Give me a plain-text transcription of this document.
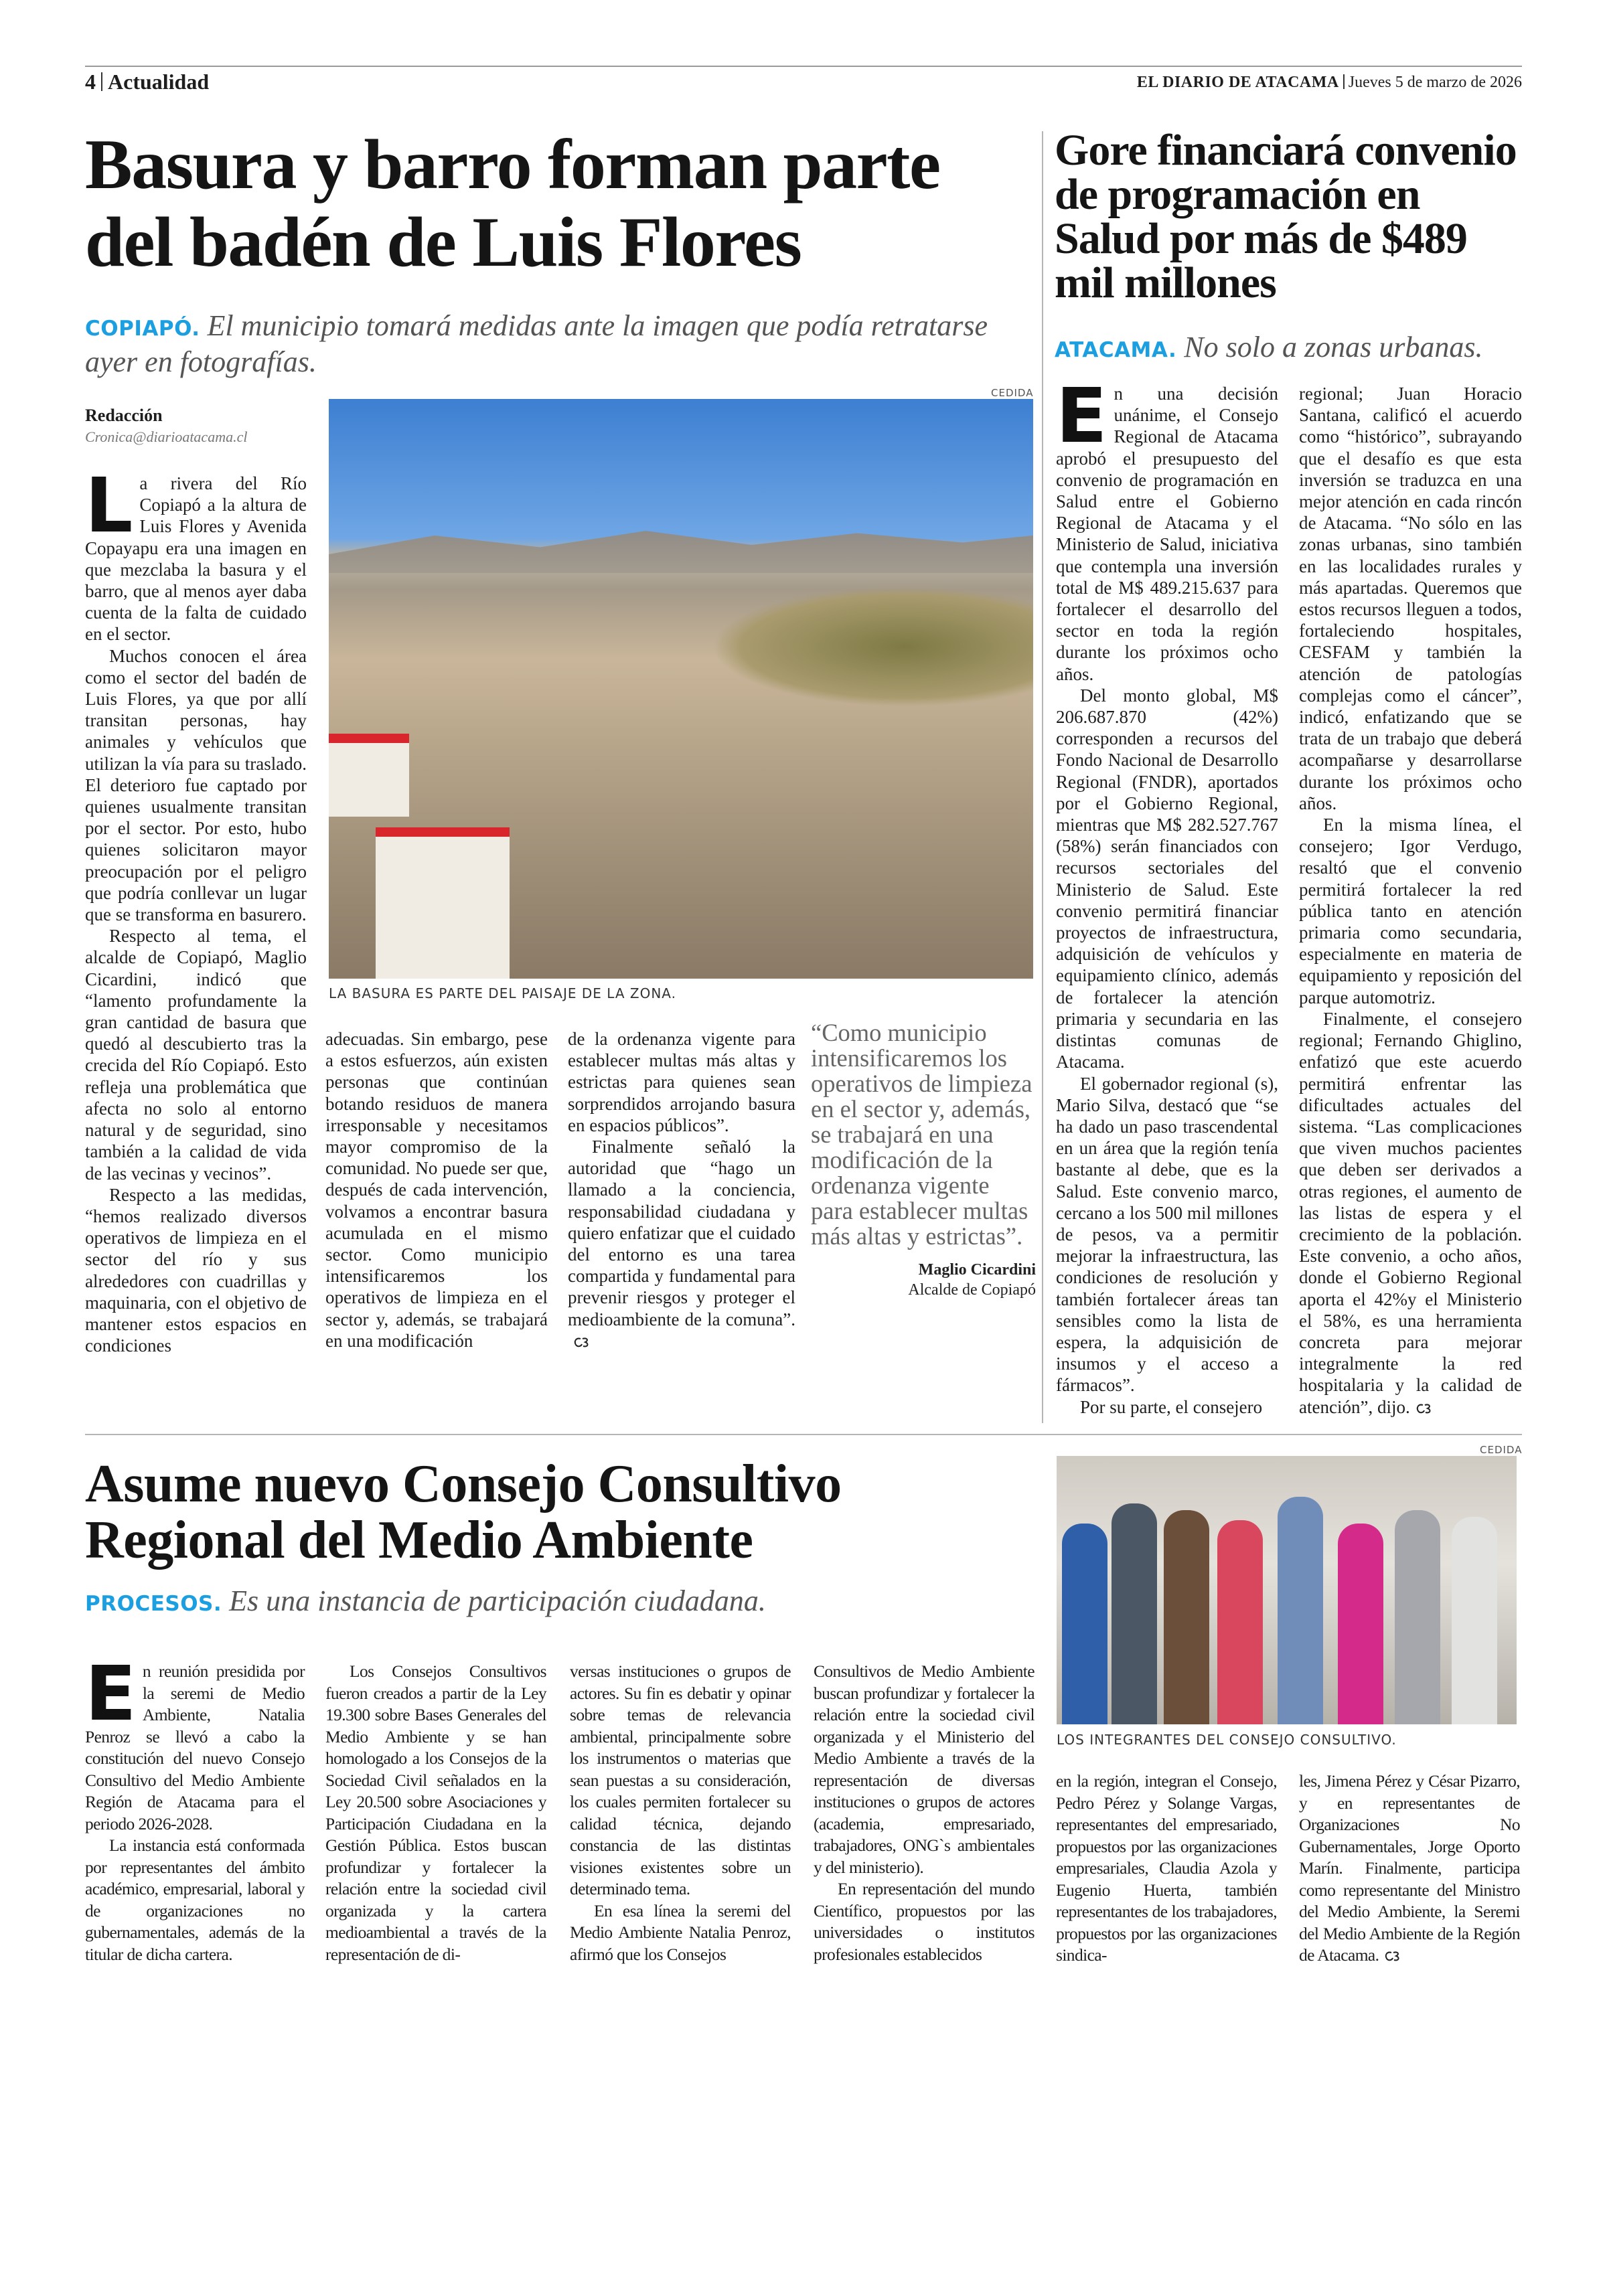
4 Actualidad	EL DIARIO DE ATACAMA Jueves 5 de marzo de 2026
Basura y barro forman parte del badén de Luis Flores
COPIAPÓ. El municipio tomará medidas ante la imagen que podía retratarse ayer en fotografías.
Redacción
Cronica@diarioatacama.cl
CEDIDA
LA BASURA ES PARTE DEL PAISAJE DE LA ZONA.

La rivera del Río Copiapó a la altura de Luis Flores y Avenida Copayapu era una imagen en que mezclaba la basura y el barro, que al menos ayer daba cuenta de la falta de cuidado en el sector.

Muchos conocen el área como el sector del badén de Luis Flores, ya que por allí transitan personas, hay animales y vehículos que utilizan la vía para su traslado. El deterioro fue captado por quienes usualmente transitan por el sector. Por esto, hubo quienes solicitaron mayor preocupación por el peligro que podría conllevar un lugar que se transforma en basurero.

Respecto al tema, el alcalde de Copiapó, Maglio Cicardini, indicó que “lamento profundamente la gran cantidad de basura que quedó al descubierto tras la crecida del Río Copiapó. Esto refleja una problemática que afecta no solo al entorno natural y de seguridad, sino también a la calidad de vida de las vecinas y vecinos”.

Respecto a las medidas, “hemos realizado diversos operativos de limpieza en el sector del río y sus alrededores con cuadrillas y maquinaria, con el objetivo de mantener estos espacios en condiciones

adecuadas. Sin embargo, pese a estos esfuerzos, aún existen personas que continúan botando residuos de manera irresponsable y necesitamos mayor compromiso de la comunidad. No puede ser que, después de cada intervención, volvamos a encontrar basura acumulada en el mismo sector. Como municipio intensificaremos los operativos de limpieza en el sector y, además, se trabajará en una modificación

de la ordenanza vigente para establecer multas más altas y estrictas para quienes sean sorprendidos arrojando basura en espacios públicos”.

Finalmente señaló la autoridad que “hago un llamado a la conciencia, responsabilidad ciudadana y quiero enfatizar que el cuidado del entorno es una tarea compartida y fundamental para prevenir riesgos y proteger el medioambiente de la comuna”.

“Como municipio intensificaremos los operativos de limpieza en el sector y, además, se trabajará en una modificación de la ordenanza vigente para establecer multas más altas y estrictas”.
Maglio Cicardini
Alcalde de Copiapó
Gore financiará convenio de programación en Salud por más de $489 mil millones
ATACAMA. No solo a zonas urbanas.

En una decisión unánime, el Consejo Regional de Atacama aprobó el presupuesto del convenio de programación en Salud entre el Gobierno Regional de Atacama y el Ministerio de Salud, iniciativa que contempla una inversión total de M$ 489.215.637 para fortalecer el desarrollo del sector en toda la región durante los próximos ocho años.

Del monto global, M$ 206.687.870 (42%) corresponden a recursos del Fondo Nacional de Desarrollo Regional (FNDR), aportados por el Gobierno Regional, mientras que M$ 282.527.767 (58%) serán financiados con recursos sectoriales del Ministerio de Salud. Este convenio permitirá financiar proyectos de infraestructura, adquisición de vehículos y equipamiento clínico, además de fortalecer la atención primaria y secundaria en las distintas comunas de Atacama.

El gobernador regional (s), Mario Silva, destacó que “se ha dado un paso trascendental en un área que la región tenía bastante al debe, que es la Salud. Este convenio marco, cercano a los 500 mil millones de pesos, va a permitir mejorar la infraestructura, las condiciones de resolución y también fortalecer áreas tan sensibles como la lista de espera, la adquisición de insumos y el acceso a fármacos”.

Por su parte, el consejero

regional; Juan Horacio Santana, calificó el acuerdo como “histórico”, subrayando que el desafío es que esta inversión se traduzca en una mejor atención en cada rincón de Atacama. “No sólo en las zonas urbanas, sino también en las localidades rurales y más apartadas. Queremos que estos recursos lleguen a todos, fortaleciendo hospitales, CESFAM y también la atención de patologías complejas como el cáncer”, indicó, enfatizando que se trata de un trabajo que deberá acompañarse y desarrollarse durante los próximos ocho años.

En la misma línea, el consejero; Igor Verdugo, resaltó que el convenio permitirá fortalecer la red pública tanto en atención primaria como secundaria, especialmente en materia de equipamiento y reposición del parque automotriz.

Finalmente, el consejero regional; Fernando Ghiglino, enfatizó que este acuerdo permitirá enfrentar las dificultades actuales del sistema. “Las complicaciones que viven muchos pacientes que deben ser derivados a otras regiones, el aumento de las listas de espera y el crecimiento de la población. Este convenio, a ocho años, donde el Gobierno Regional aporta el 42%y el Ministerio el 58%, es una herramienta concreta para mejorar integralmente la red hospitalaria y la calidad de atención”, dijo.

Asume nuevo Consejo Consultivo Regional del Medio Ambiente
PROCESOS. Es una instancia de participación ciudadana.
CEDIDA
LOS INTEGRANTES DEL CONSEJO CONSULTIVO.

En reunión presidida por la seremi de Medio Ambiente, Natalia Penroz se llevó a cabo la constitución del nuevo Consejo Consultivo del Medio Ambiente Región de Atacama para el periodo 2026-2028.

La instancia está conformada por representantes del ámbito académico, empresarial, laboral y de organizaciones no gubernamentales, además de la titular de dicha cartera.

Los Consejos Consultivos fueron creados a partir de la Ley 19.300 sobre Bases Generales del Medio Ambiente y se han homologado a los Consejos de la Sociedad Civil señalados en la Ley 20.500 sobre Asociaciones y Participación Ciudadana en la Gestión Pública. Estos buscan profundizar y fortalecer la relación entre la sociedad civil organizada y la cartera medioambiental a través de la representación de di-

versas instituciones o grupos de actores. Su fin es debatir y opinar sobre temas de relevancia ambiental, principalmente sobre los instrumentos o materias que sean puestas a su consideración, los cuales permiten fortalecer su calidad técnica, dejando constancia de las distintas visiones existentes sobre un determinado tema.

En esa línea la seremi del Medio Ambiente Natalia Penroz, afirmó que los Consejos

Consultivos de Medio Ambiente buscan profundizar y fortalecer la relación entre la sociedad civil organizada y el Ministerio del Medio Ambiente a través de la representación de diversas instituciones o grupos de actores (academia, empresariado, trabajadores, ONG`s ambientales y del ministerio).

En representación del mundo Científico, propuestos por las universidades o institutos profesionales establecidos

en la región, integran el Consejo, Pedro Pérez y Solange Vargas, representantes del empresariado, propuestos por las organizaciones empresariales, Claudia Azola y Eugenio Huerta, también representantes de los trabajadores, propuestos por las organizaciones sindica-

les, Jimena Pérez y César Pizarro, y en representantes de Organizaciones No Gubernamentales, Jorge Oporto Marín. Finalmente, participa como representante del Ministro del Medio Ambiente, la Seremi del Medio Ambiente de la Región de Atacama.
